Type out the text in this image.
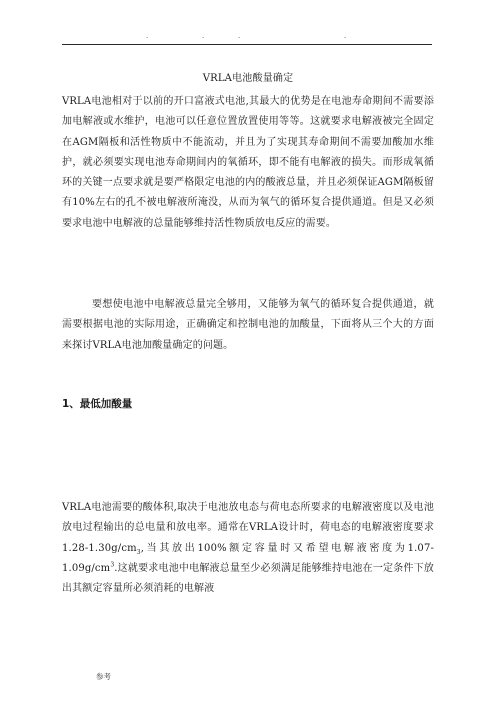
.	.	.	.
VRLA电池酸量确定

VRLA电池相对于以前的开口富液式电池,其最大的优势是在电池寿命期间不需要添加电解液或水维护，电池可以任意位置放置使用等等。这就要求电解液被完全固定在AGM隔板和活性物质中不能流动，并且为了实现其寿命期间不需要加酸加水维护，就必须要实现电池寿命期间内的氧循环，即不能有电解液的损失。而形成氧循环的关键一点要求就是要严格限定电池的内的酸液总量，并且必须保证AGM隔板留有10%左右的孔不被电解液所淹没，从而为氧气的循环复合提供通道。但是又必须要求电池中电解液的总量能够维持活性物质放电反应的需要。

要想使电池中电解液总量完全够用，又能够为氧气的循环复合提供通道，就需要根据电池的实际用途，正确确定和控制电池的加酸量，下面将从三个大的方面来探讨VRLA电池加酸量确定的问题。

1、最低加酸量

VRLA电池需要的酸体积,取决于电池放电态与荷电态所要求的电解液密度以及电池放电过程输出的总电量和放电率。通常在VRLA设计时，荷电态的电解液密度要求$1.28-1.30g/cm_3$,当其放出100%额定容量时又希望电解液密度为$1.07-1.09g/cm^3$.这就要求电池中电解液总量至少必须满足能够维持电池在一定条件下放出其额定容量所必须消耗的电解液

参考
